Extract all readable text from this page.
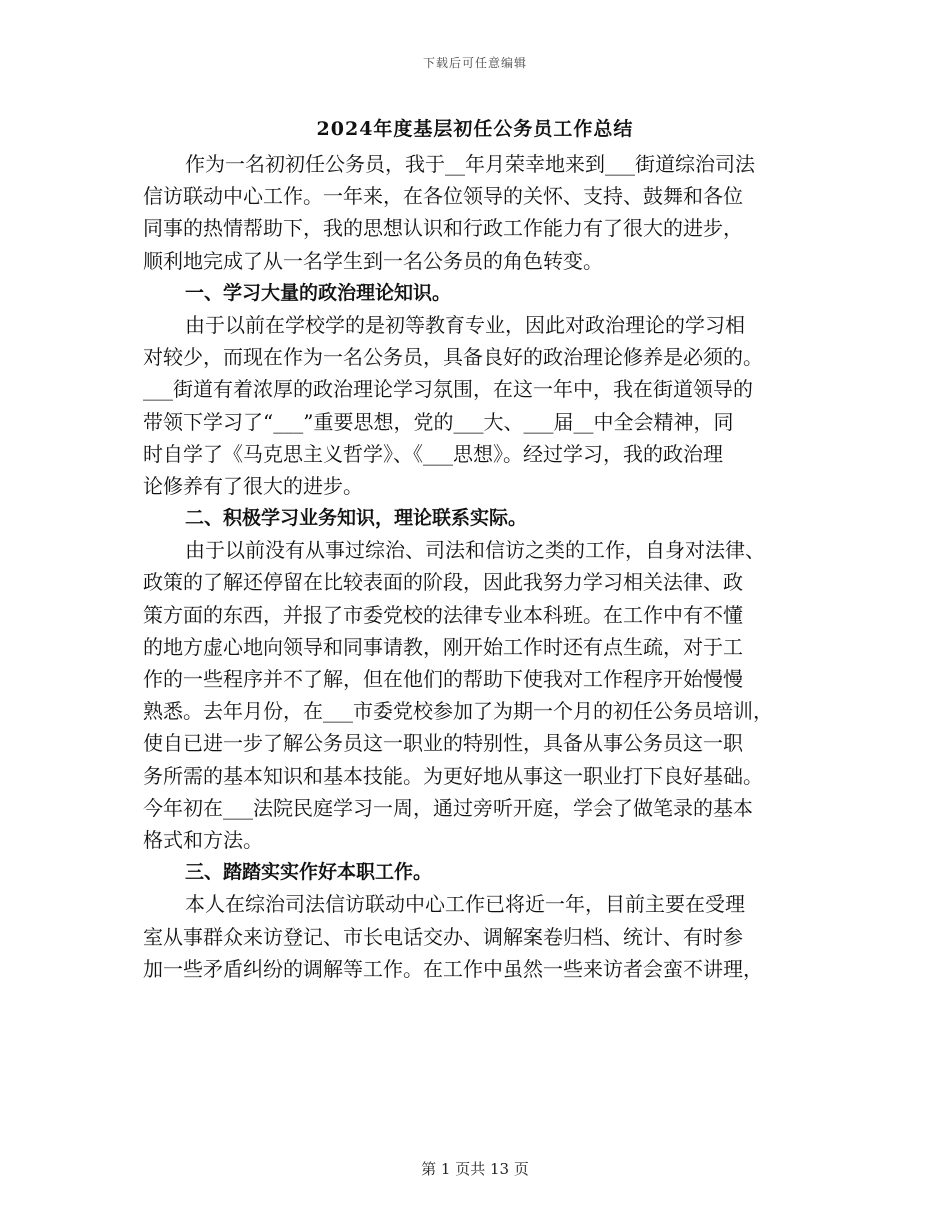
下载后可任意编辑
2024年度基层初任公务员工作总结
作为一名初初任公务员，我于__年月荣幸地来到___街道综治司法
信访联动中心工作。一年来，在各位领导的关怀、支持、鼓舞和各位
同事的热情帮助下，我的思想认识和行政工作能力有了很大的进步，
顺利地完成了从一名学生到一名公务员的角色转变。
一、学习大量的政治理论知识。
由于以前在学校学的是初等教育专业，因此对政治理论的学习相
对较少，而现在作为一名公务员，具备良好的政治理论修养是必须的。
___街道有着浓厚的政治理论学习氛围，在这一年中，我在街道领导的
带领下学习了“___”重要思想，党的___大、___届__中全会精神，同
时自学了《马克思主义哲学》、《___思想》。经过学习，我的政治理
论修养有了很大的进步。
二、积极学习业务知识，理论联系实际。
由于以前没有从事过综治、司法和信访之类的工作，自身对法律、
政策的了解还停留在比较表面的阶段，因此我努力学习相关法律、政
策方面的东西，并报了市委党校的法律专业本科班。在工作中有不懂
的地方虚心地向领导和同事请教，刚开始工作时还有点生疏，对于工
作的一些程序并不了解，但在他们的帮助下使我对工作程序开始慢慢
熟悉。去年月份，在___市委党校参加了为期一个月的初任公务员培训，
使自已进一步了解公务员这一职业的特别性，具备从事公务员这一职
务所需的基本知识和基本技能。为更好地从事这一职业打下良好基础。
今年初在___法院民庭学习一周，通过旁听开庭，学会了做笔录的基本
格式和方法。
三、踏踏实实作好本职工作。
本人在综治司法信访联动中心工作已将近一年，目前主要在受理
室从事群众来访登记、市长电话交办、调解案卷归档、统计、有时参
加一些矛盾纠纷的调解等工作。在工作中虽然一些来访者会蛮不讲理，
第 1 页共 13 页
